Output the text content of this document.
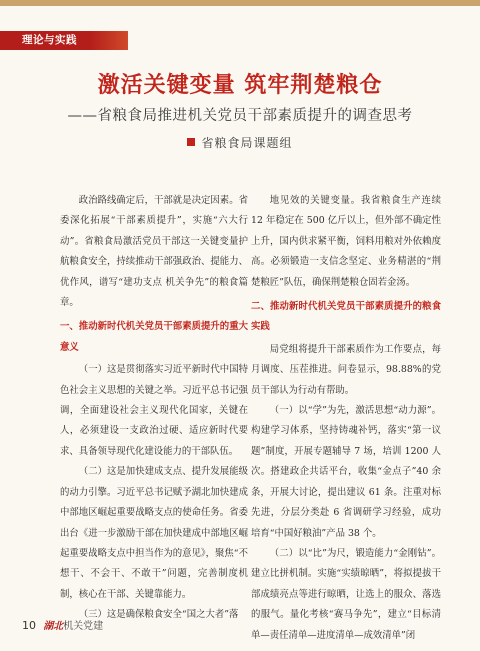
理论与实践
激活关键变量 筑牢荆楚粮仓
——省粮食局推进机关党员干部素质提升的调查思考
省粮食局课题组

政治路线确定后，干部就是决定因素。省委深化拓展“干部素质提升”，实施“六大行动”。省粮食局激活党员干部这一关键变量护航粮食安全，持续推动干部强政治、提能力、优作风，谱写“建功支点 机关争先”的粮食篇章。

一、推动新时代机关党员干部素质提升的重大意义

（一）这是贯彻落实习近平新时代中国特色社会主义思想的关键之举。习近平总书记强调，全面建设社会主义现代化国家，关键在人，必须建设一支政治过硬、适应新时代要求、具备领导现代化建设能力的干部队伍。

（二）这是加快建成支点、提升发展能级的动力引擎。习近平总书记赋予湖北加快建成中部地区崛起重要战略支点的使命任务。省委出台《进一步激励干部在加快建成中部地区崛起重要战略支点中担当作为的意见》，聚焦“不想干、不会干、不敢干”问题，完善制度机制，核心在干部、关键靠能力。

（三）这是确保粮食安全“国之大者”落

地见效的关键变量。我省粮食生产连续 12 年稳定在 500 亿斤以上，但外部不确定性上升，国内供求紧平衡，饲料用粮对外依赖度高。必须锻造一支信念坚定、业务精湛的“荆楚粮匠”队伍，确保荆楚粮仓固若金汤。

二、推动新时代机关党员干部素质提升的粮食实践

局党组将提升干部素质作为工作要点，每月调度、压茬推进。问卷显示，98.88%的党员干部认为行动有帮助。

（一）以“学”为先，激活思想“动力源”。构建学习体系，坚持铸魂补钙，落实“第一议题”制度，开展专题辅导 7 场，培训 1200 人次。搭建政企共话平台，收集“金点子”40 余条，开展大讨论，提出建议 61 条。注重对标先进，分层分类赴 6 省调研学习经验，成功培育“中国好粮油”产品 38 个。

（二）以“比”为尺，锻造能力“金刚钻”。建立比拼机制。实施“实绩晾晒”，将拟提拔干部成绩亮点等进行晾晒，让选上的服众、落选的服气。量化考核“赛马争先”，建立“目标清单—责任清单—进度清单—成效清单”闭

10 湖北机关党建
